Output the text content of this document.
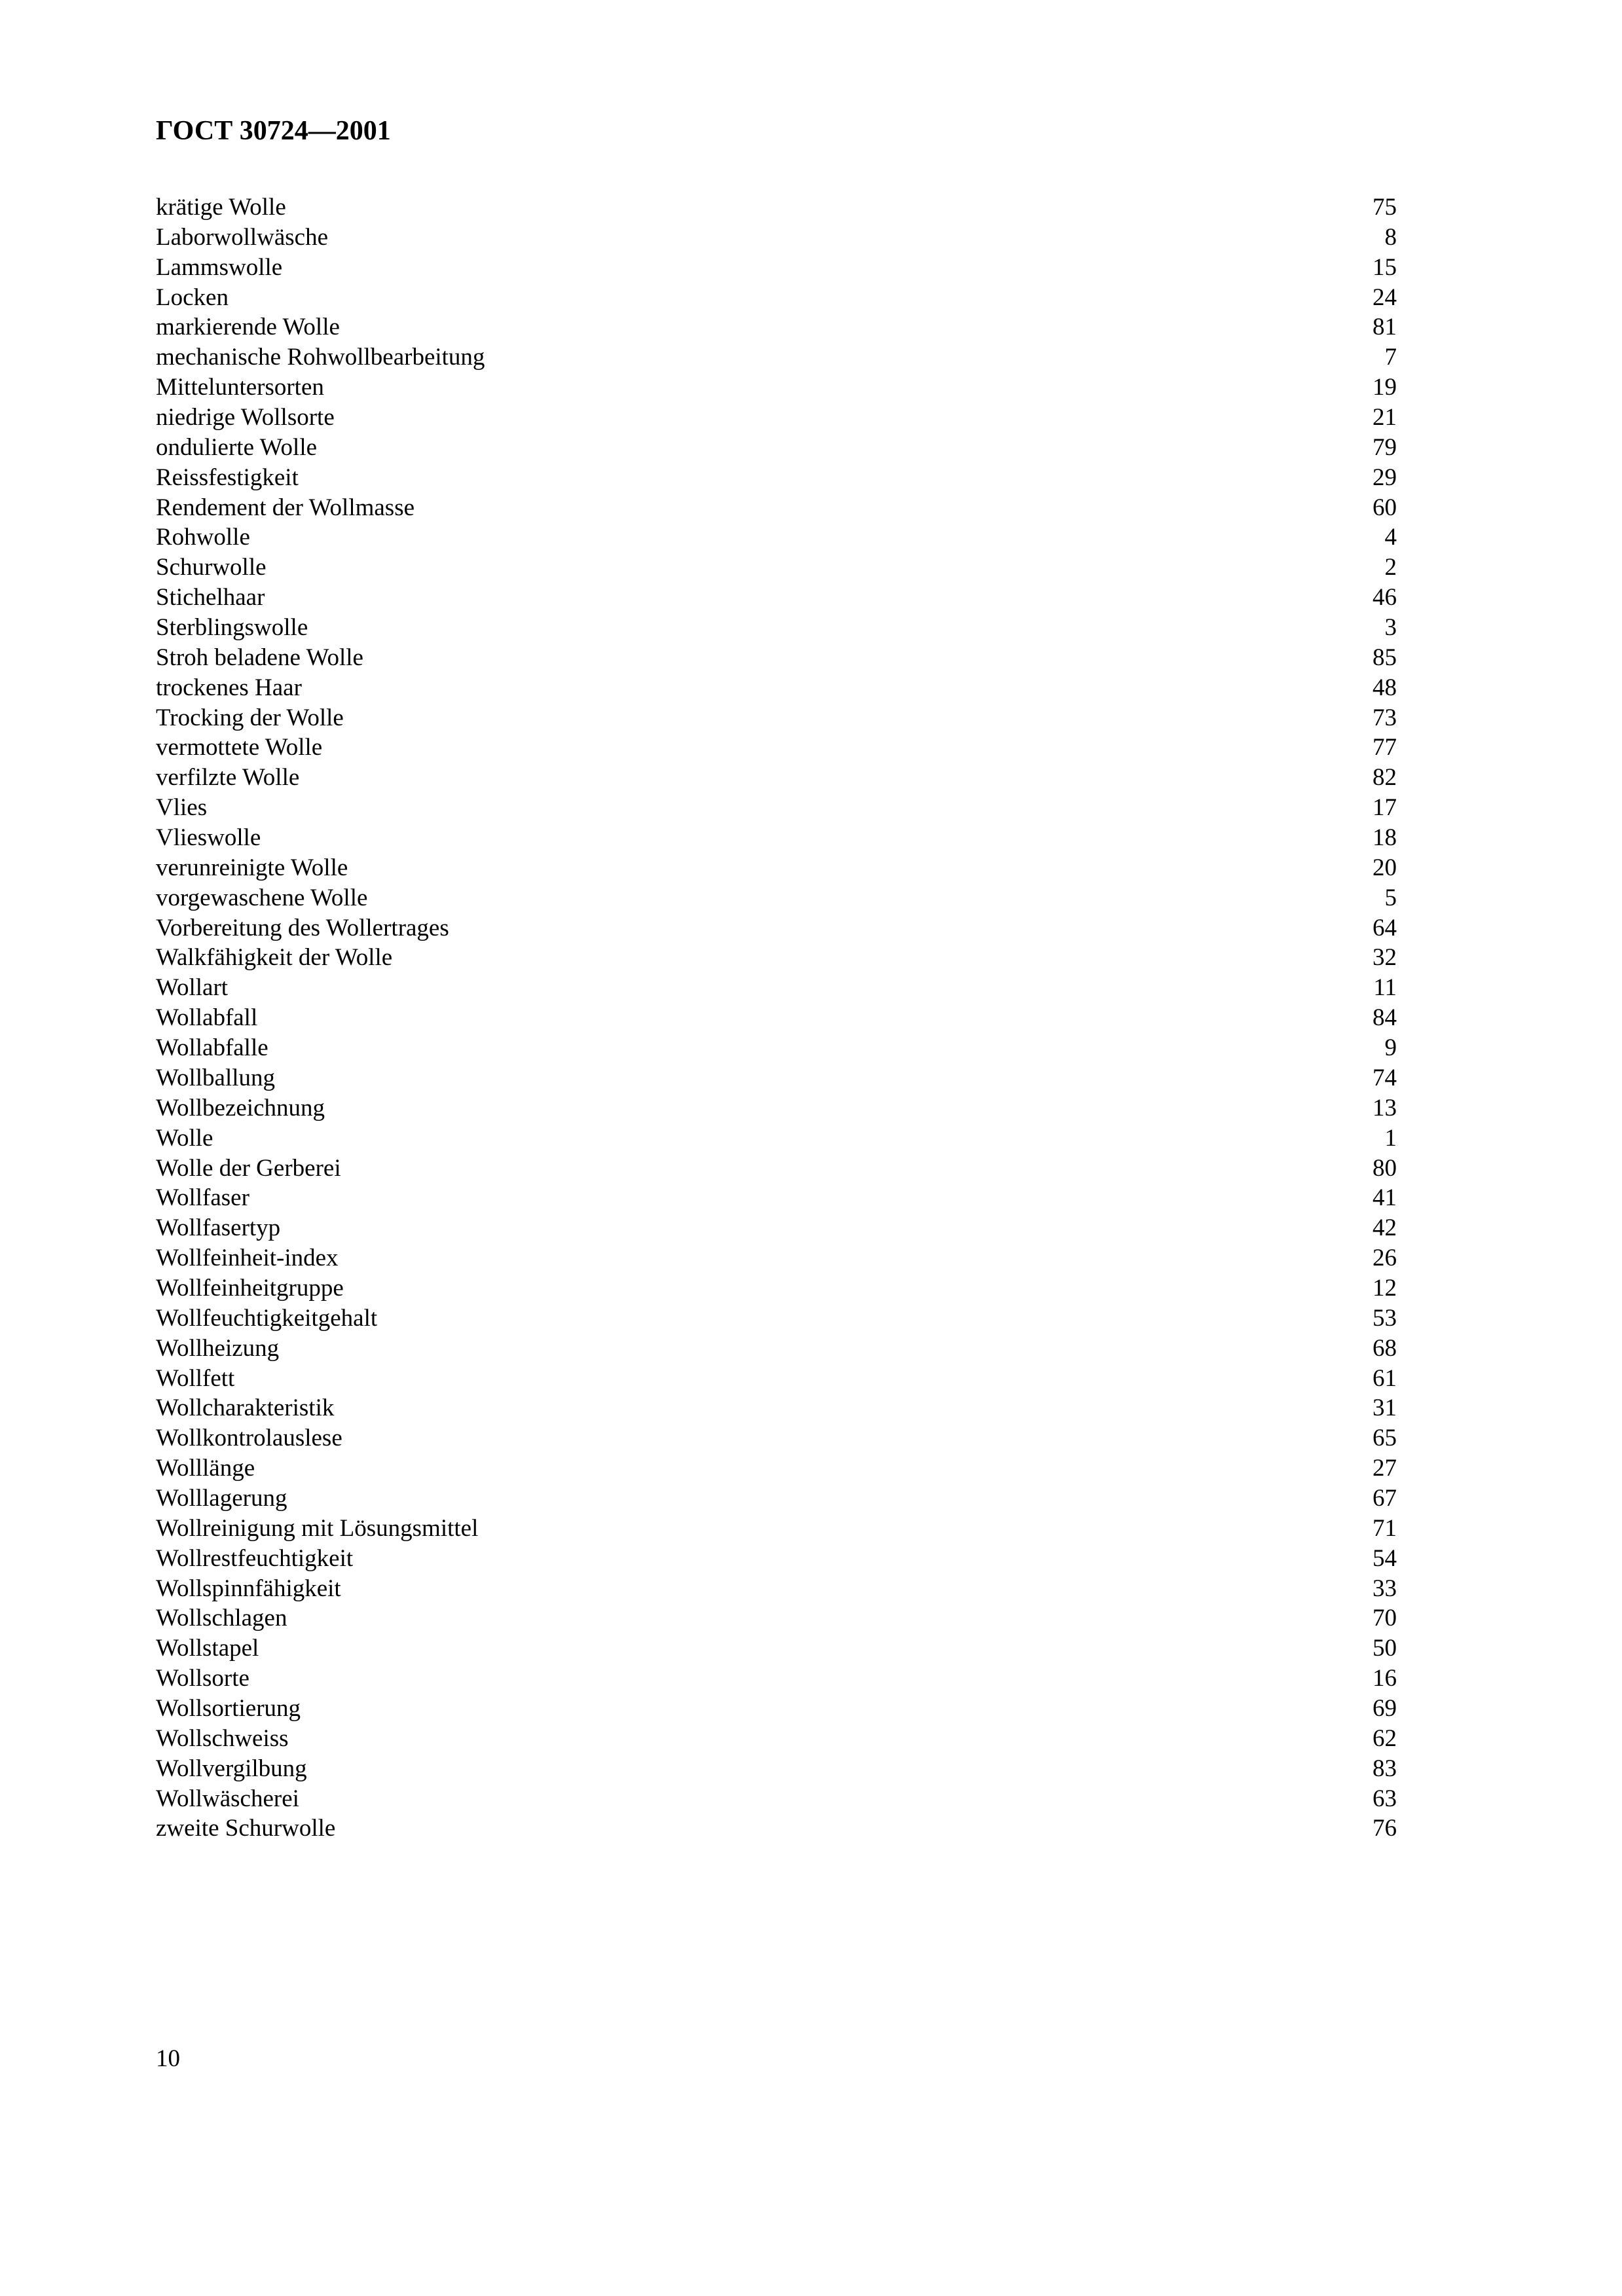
ГОСТ 30724—2001
krätige Wolle	75
Laborwollwäsche	8
Lammswolle	15
Locken	24
markierende Wolle	81
mechanische Rohwollbearbeitung	7
Mitteluntersorten	19
niedrige Wollsorte	21
ondulierte Wolle	79
Reissfestigkeit	29
Rendement der Wollmasse	60
Rohwolle	4
Schurwolle	2
Stichelhaar	46
Sterblingswolle	3
Stroh beladene Wolle	85
trockenes Haar	48
Trocking der Wolle	73
vermottete Wolle	77
verfilzte Wolle	82
Vlies	17
Vlieswolle	18
verunreinigte Wolle	20
vorgewaschene Wolle	5
Vorbereitung des Wollertrages	64
Walkfähigkeit der Wolle	32
Wollart	11
Wollabfall	84
Wollabfalle	9
Wollballung	74
Wollbezeichnung	13
Wolle	1
Wolle der Gerberei	80
Wollfaser	41
Wollfasertyp	42
Wollfeinheit-index	26
Wollfeinheitgruppe	12
Wollfeuchtigkeitgehalt	53
Wollheizung	68
Wollfett	61
Wollcharakteristik	31
Wollkontrolauslese	65
Wolllänge	27
Wolllagerung	67
Wollreinigung mit Lösungsmittel	71
Wollrestfeuchtigkeit	54
Wollspinnfähigkeit	33
Wollschlagen	70
Wollstapel	50
Wollsorte	16
Wollsortierung	69
Wollschweiss	62
Wollvergilbung	83
Wollwäscherei	63
zweite Schurwolle	76
10
